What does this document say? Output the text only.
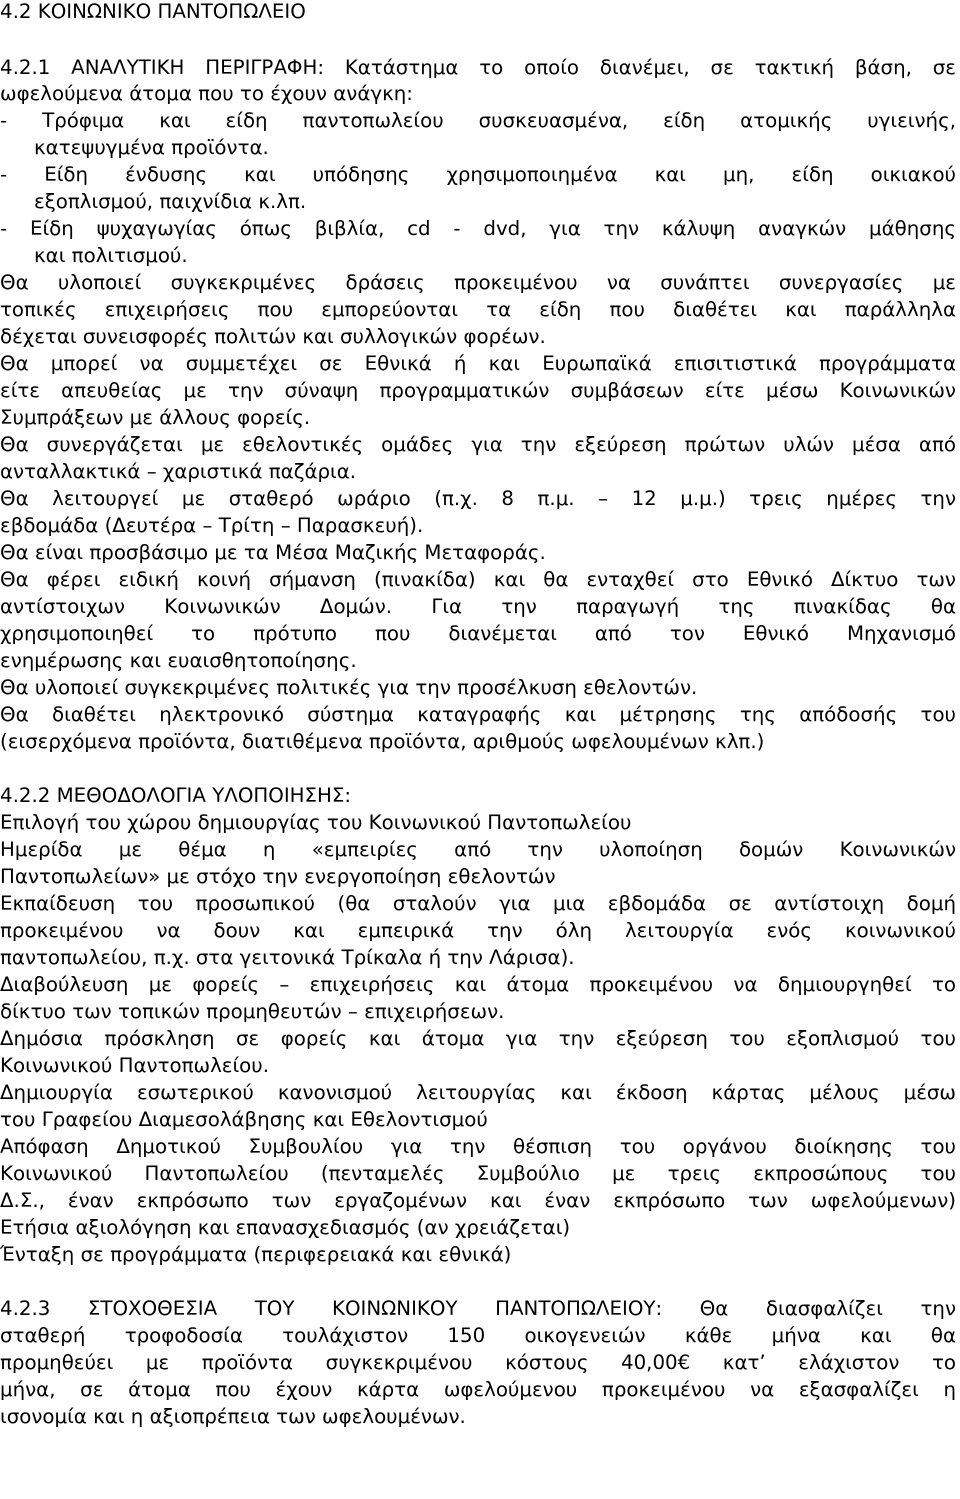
4.2 ΚΟΙΝΩΝΙΚΟ ΠΑΝΤΟΠΩΛΕΙΟ
4.2.1 ΑΝΑΛΥΤΙΚΗ ΠΕΡΙΓΡΑΦΗ: Κατάστημα το οποίο διανέμει, σε τακτική βάση, σε
ωφελούμενα άτομα που το έχουν ανάγκη:
- Τρόφιμα και είδη παντοπωλείου συσκευασμένα, είδη ατομικής υγιεινής,
κατεψυγμένα προϊόντα.
- Είδη ένδυσης και υπόδησης χρησιμοποιημένα και μη, είδη οικιακού
εξοπλισμού, παιχνίδια κ.λπ.
- Είδη ψυχαγωγίας όπως βιβλία, cd - dvd, για την κάλυψη αναγκών μάθησης
και πολιτισμού.
Θα υλοποιεί συγκεκριμένες δράσεις προκειμένου να συνάπτει συνεργασίες με
τοπικές επιχειρήσεις που εμπορεύονται τα είδη που διαθέτει και παράλληλα
δέχεται συνεισφορές πολιτών και συλλογικών φορέων.
Θα μπορεί να συμμετέχει σε Εθνικά ή και Ευρωπαϊκά επισιτιστικά προγράμματα
είτε απευθείας με την σύναψη προγραμματικών συμβάσεων είτε μέσω Κοινωνικών
Συμπράξεων με άλλους φορείς.
Θα συνεργάζεται με εθελοντικές ομάδες για την εξεύρεση πρώτων υλών μέσα από
ανταλλακτικά – χαριστικά παζάρια.
Θα λειτουργεί με σταθερό ωράριο (π.χ. 8 π.μ. – 12 μ.μ.) τρεις ημέρες την
εβδομάδα (Δευτέρα – Τρίτη – Παρασκευή).
Θα είναι προσβάσιμο με τα Μέσα Μαζικής Μεταφοράς.
Θα φέρει ειδική κοινή σήμανση (πινακίδα) και θα ενταχθεί στο Εθνικό Δίκτυο των
αντίστοιχων Κοινωνικών Δομών. Για την παραγωγή της πινακίδας θα
χρησιμοποιηθεί το πρότυπο που διανέμεται από τον Εθνικό Μηχανισμό
ενημέρωσης και ευαισθητοποίησης.
Θα υλοποιεί συγκεκριμένες πολιτικές για την προσέλκυση εθελοντών.
Θα διαθέτει ηλεκτρονικό σύστημα καταγραφής και μέτρησης της απόδοσής του
(εισερχόμενα προϊόντα, διατιθέμενα προϊόντα, αριθμούς ωφελουμένων κλπ.)
4.2.2 ΜΕΘΟΔΟΛΟΓΙΑ ΥΛΟΠΟΙΗΣΗΣ:
Επιλογή του χώρου δημιουργίας του Κοινωνικού Παντοπωλείου
Ημερίδα με θέμα η «εμπειρίες από την υλοποίηση δομών Κοινωνικών
Παντοπωλείων» με στόχο την ενεργοποίηση εθελοντών
Εκπαίδευση του προσωπικού (θα σταλούν για μια εβδομάδα σε αντίστοιχη δομή
προκειμένου να δουν και εμπειρικά την όλη λειτουργία ενός κοινωνικού
παντοπωλείου, π.χ. στα γειτονικά Τρίκαλα ή την Λάρισα).
Διαβούλευση με φορείς – επιχειρήσεις και άτομα προκειμένου να δημιουργηθεί το
δίκτυο των τοπικών προμηθευτών – επιχειρήσεων.
Δημόσια πρόσκληση σε φορείς και άτομα για την εξεύρεση του εξοπλισμού του
Κοινωνικού Παντοπωλείου.
Δημιουργία εσωτερικού κανονισμού λειτουργίας και έκδοση κάρτας μέλους μέσω
του Γραφείου Διαμεσολάβησης και Εθελοντισμού
Απόφαση Δημοτικού Συμβουλίου για την θέσπιση του οργάνου διοίκησης του
Κοινωνικού Παντοπωλείου (πενταμελές Συμβούλιο με τρεις εκπροσώπους του
Δ.Σ., έναν εκπρόσωπο των εργαζομένων και έναν εκπρόσωπο των ωφελούμενων)
Ετήσια αξιολόγηση και επανασχεδιασμός (αν χρειάζεται)
Ένταξη σε προγράμματα (περιφερειακά και εθνικά)
4.2.3 ΣΤΟΧΟΘΕΣΙΑ ΤΟΥ ΚΟΙΝΩΝΙΚΟΥ ΠΑΝΤΟΠΩΛΕΙΟΥ: Θα διασφαλίζει την
σταθερή τροφοδοσία τουλάχιστον 150 οικογενειών κάθε μήνα και θα
προμηθεύει με προϊόντα συγκεκριμένου κόστους 40,00€ κατ’ ελάχιστον το
μήνα, σε άτομα που έχουν κάρτα ωφελούμενου προκειμένου να εξασφαλίζει η
ισονομία και η αξιοπρέπεια των ωφελουμένων.
